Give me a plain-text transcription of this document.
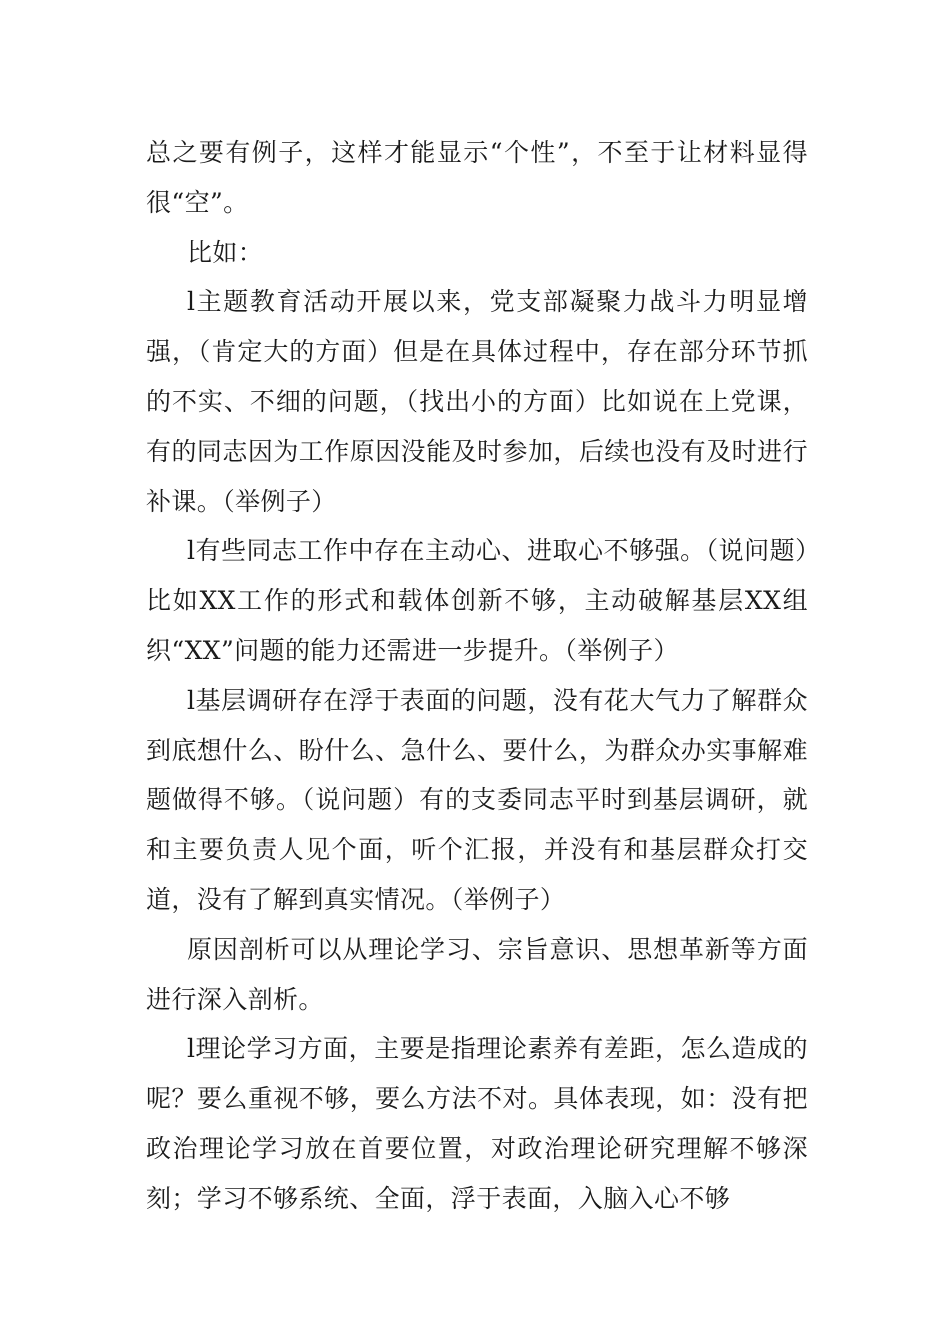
总之要有例子，这样才能显示“个性”，不至于让材料显得很“空”。

比如：

l主题教育活动开展以来，党支部凝聚力战斗力明显增强，（肯定大的方面）但是在具体过程中，存在部分环节抓的不实、不细的问题，（找出小的方面）比如说在上党课，有的同志因为工作原因没能及时参加，后续也没有及时进行补课。（举例子）

l有些同志工作中存在主动心、进取心不够强。（说问题）比如XX工作的形式和载体创新不够，主动破解基层XX组织“XX”问题的能力还需进一步提升。（举例子）

l基层调研存在浮于表面的问题，没有花大气力了解群众到底想什么、盼什么、急什么、要什么，为群众办实事解难题做得不够。（说问题）有的支委同志平时到基层调研，就和主要负责人见个面，听个汇报，并没有和基层群众打交道，没有了解到真实情况。（举例子）

原因剖析可以从理论学习、宗旨意识、思想革新等方面进行深入剖析。

l理论学习方面，主要是指理论素养有差距，怎么造成的呢？要么重视不够，要么方法不对。具体表现，如：没有把政治理论学习放在首要位置，对政治理论研究理解不够深刻；学习不够系统、全面，浮于表面，入脑入心不够
